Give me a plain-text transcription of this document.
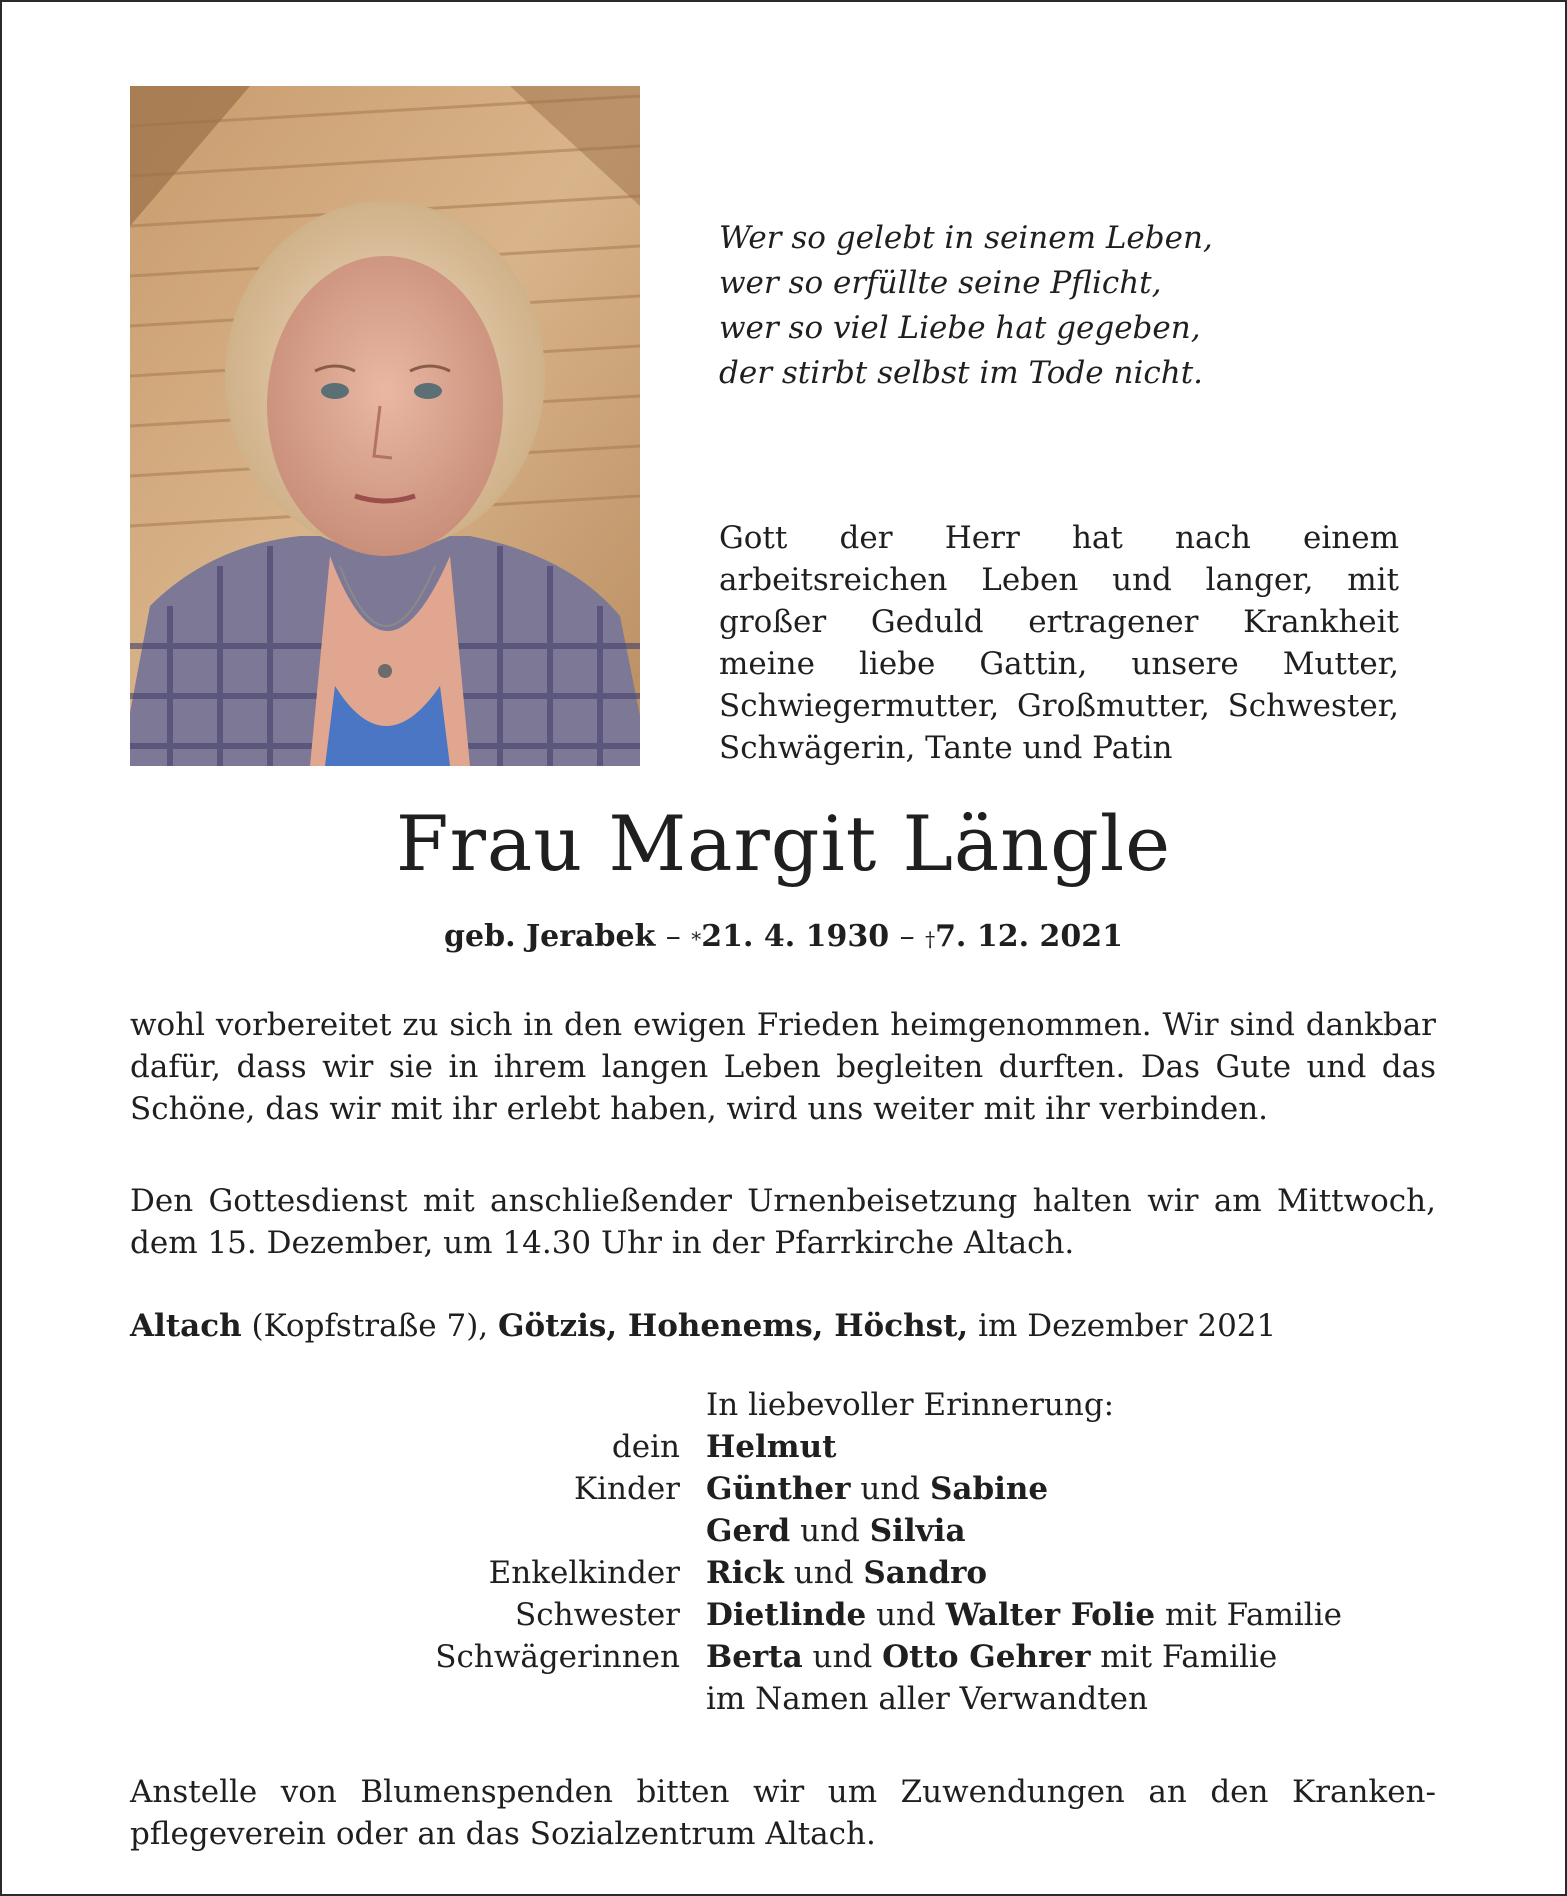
Wer so gelebt in seinem Leben,
wer so erfüllte seine Pflicht,
wer so viel Liebe hat gegeben,
der stirbt selbst im Tode nicht.
Gott der Herr hat nach einem arbeitsreichen Leben und langer, mit großer Geduld ertragener Krankheit meine liebe Gattin, unsere Mutter, Schwiegermutter, Großmutter, Schwester, Schwägerin, Tante und Patin
Frau Margit Längle
geb. Jerabek – *21. 4. 1930 – †7. 12. 2021
wohl vorbereitet zu sich in den ewigen Frieden heimgenommen. Wir sind dankbar dafür, dass wir sie in ihrem langen Leben begleiten durften. Das Gute und das Schöne, das wir mit ihr erlebt haben, wird uns weiter mit ihr verbinden.
Den Gottesdienst mit anschließender Urnenbeisetzung halten wir am Mittwoch, dem 15. Dezember, um 14.30 Uhr in der Pfarrkirche Altach.
Altach (Kopfstraße 7), Götzis, Hohenems, Höchst, im Dezember 2021
In liebevoller Erinnerung:
dein Helmut
Kinder Günther und Sabine
Gerd und Silvia
Enkelkinder Rick und Sandro
Schwester Dietlinde und Walter Folie mit Familie
Schwägerinnen Berta und Otto Gehrer mit Familie
im Namen aller Verwandten
Anstelle von Blumenspenden bitten wir um Zuwendungen an den Kranken-
pflegeverein oder an das Sozialzentrum Altach.
